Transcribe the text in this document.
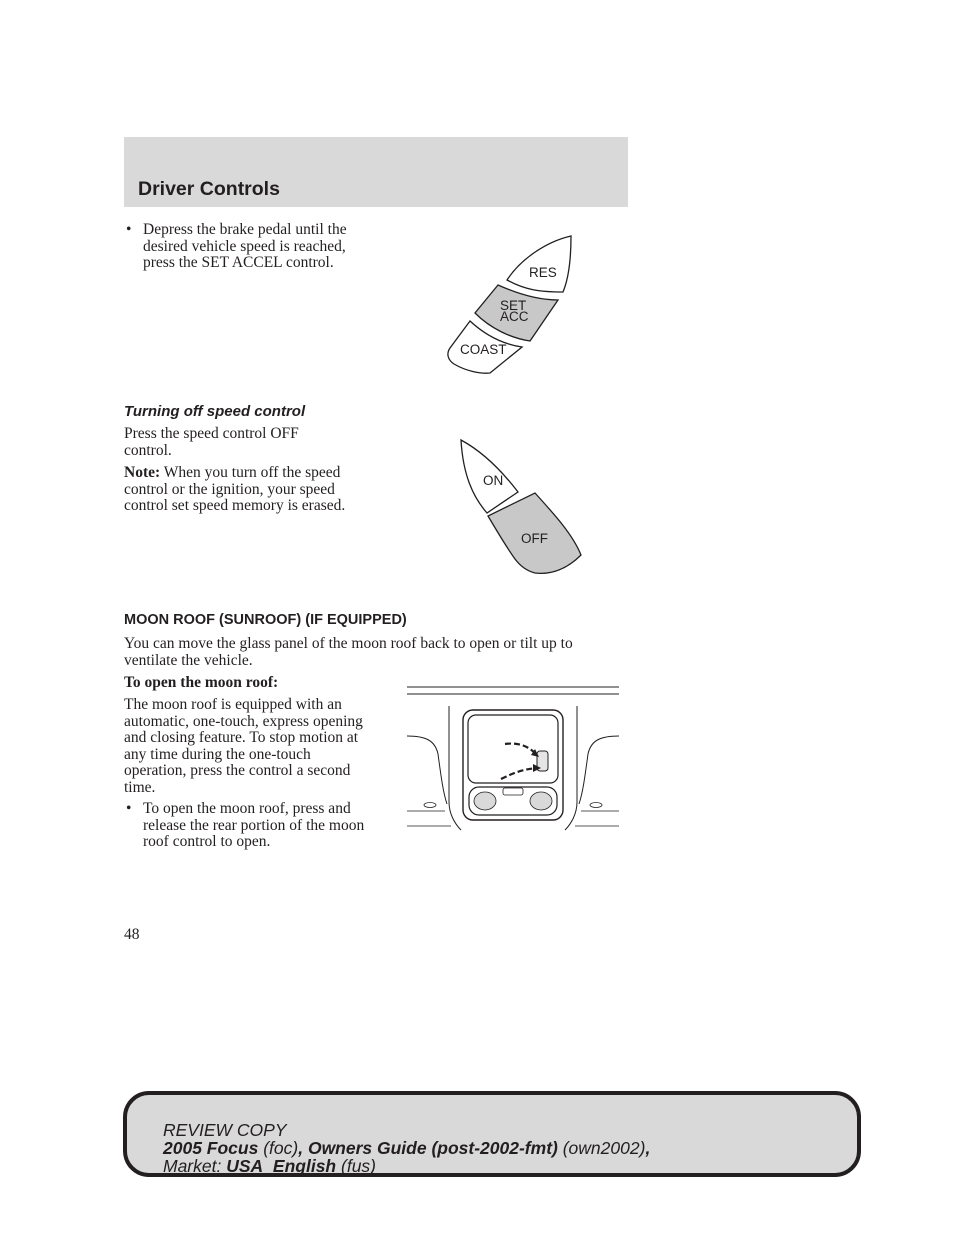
Driver Controls
• Depress the brake pedal until the desired vehicle speed is reached, press the SET ACCEL control.
RES
SET
ACC
COAST
Turning off speed control
Press the speed control OFF control.
Note: When you turn off the speed control or the ignition, your speed control set speed memory is erased.
ON
OFF
MOON ROOF (SUNROOF) (IF EQUIPPED)
You can move the glass panel of the moon roof back to open or tilt up to ventilate the vehicle.
To open the moon roof:
The moon roof is equipped with an automatic, one-touch, express opening and closing feature. To stop motion at any time during the one-touch operation, press the control a second time.
• To open the moon roof, press and release the rear portion of the moon roof control to open.
48
REVIEW COPY
2005 Focus (foc), Owners Guide (post-2002-fmt) (own2002),
Market: USA_English (fus)
